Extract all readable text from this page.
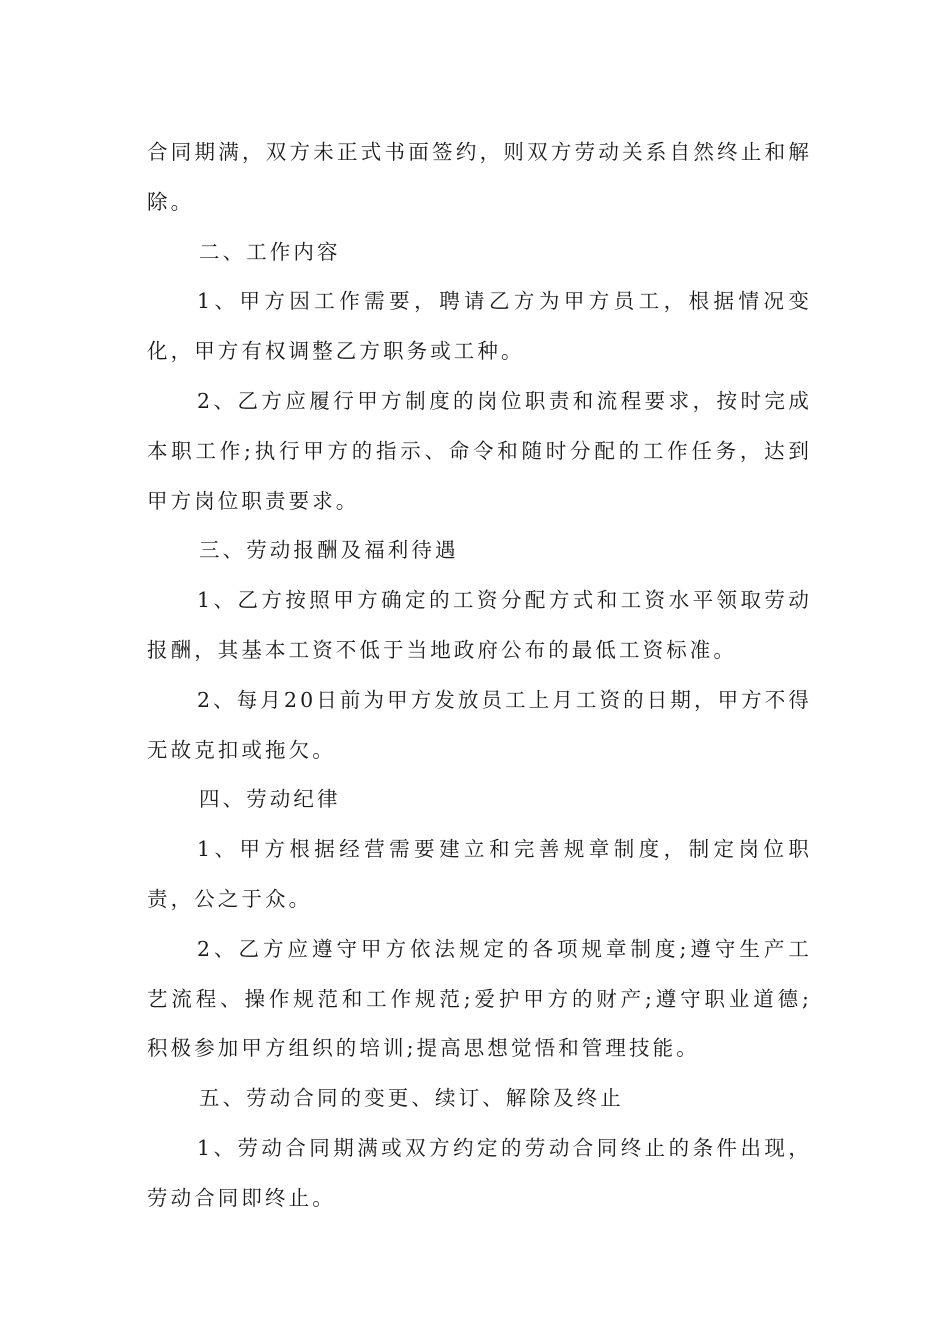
合同期满，双方未正式书面签约，则双方劳动关系自然终止和解除。

二、工作内容

1、甲方因工作需要，聘请乙方为甲方员工，根据情况变化，甲方有权调整乙方职务或工种。

2、乙方应履行甲方制度的岗位职责和流程要求，按时完成本职工作;执行甲方的指示、命令和随时分配的工作任务，达到甲方岗位职责要求。

三、劳动报酬及福利待遇

1、乙方按照甲方确定的工资分配方式和工资水平领取劳动报酬，其基本工资不低于当地政府公布的最低工资标准。

2、每月20日前为甲方发放员工上月工资的日期，甲方不得无故克扣或拖欠。

四、劳动纪律

1、甲方根据经营需要建立和完善规章制度，制定岗位职责，公之于众。

2、乙方应遵守甲方依法规定的各项规章制度;遵守生产工艺流程、操作规范和工作规范;爱护甲方的财产;遵守职业道德;积极参加甲方组织的培训;提高思想觉悟和管理技能。

五、劳动合同的变更、续订、解除及终止

1、劳动合同期满或双方约定的劳动合同终止的条件出现，劳动合同即终止。
